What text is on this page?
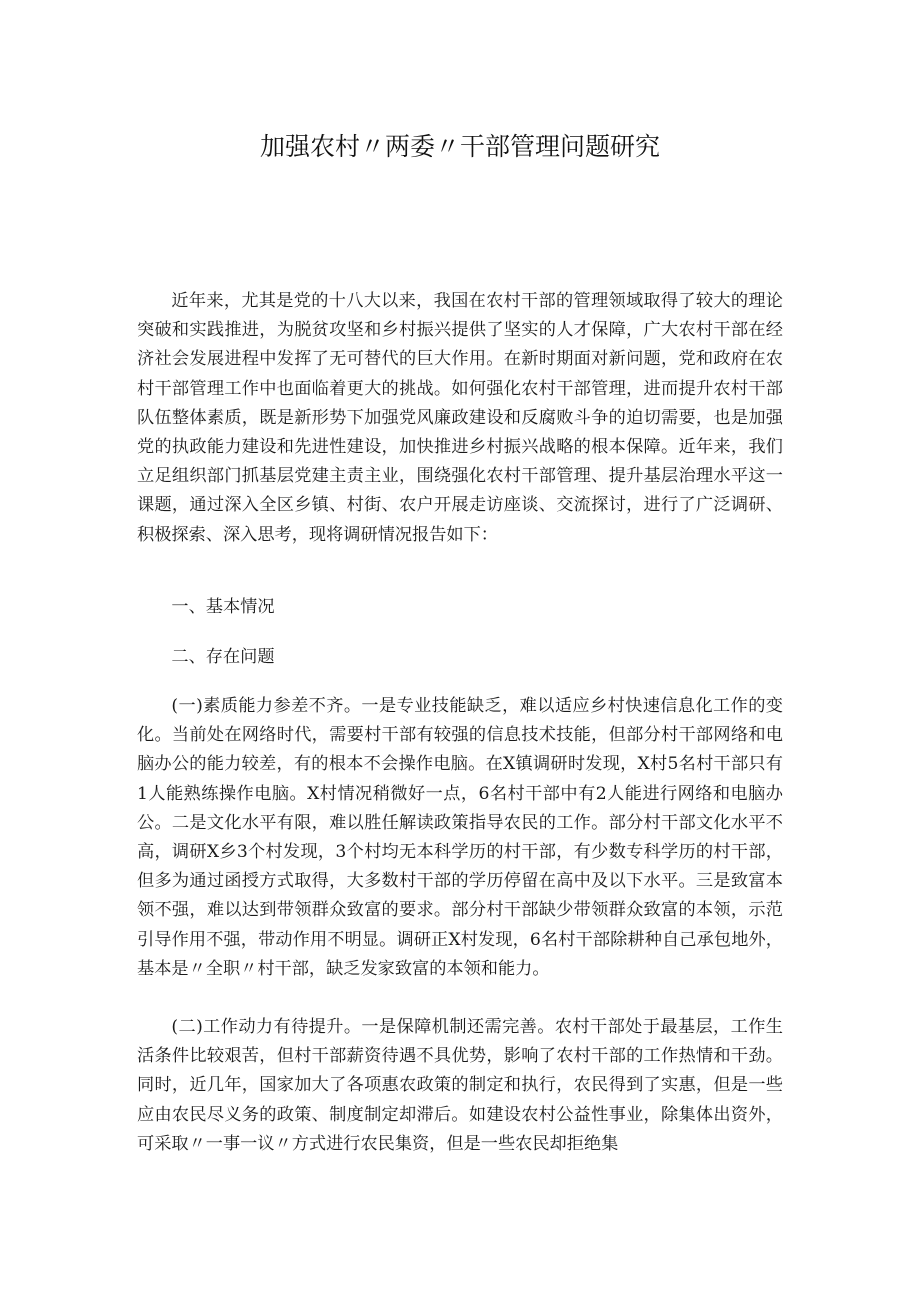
加强农村〃两委〃干部管理问题研究

近年来，尤其是党的十八大以来，我国在农村干部的管理领域取得了较大的理论突破和实践推进，为脱贫攻坚和乡村振兴提供了坚实的人才保障，广大农村干部在经济社会发展进程中发挥了无可替代的巨大作用。在新时期面对新问题，党和政府在农村干部管理工作中也面临着更大的挑战。如何强化农村干部管理，进而提升农村干部队伍整体素质，既是新形势下加强党风廉政建设和反腐败斗争的迫切需要，也是加强党的执政能力建设和先进性建设，加快推进乡村振兴战略的根本保障。近年来，我们立足组织部门抓基层党建主责主业，围绕强化农村干部管理、提升基层治理水平这一课题，通过深入全区乡镇、村街、农户开展走访座谈、交流探讨，进行了广泛调研、积极探索、深入思考，现将调研情况报告如下：

一、基本情况

二、存在问题

(一)素质能力参差不齐。一是专业技能缺乏，难以适应乡村快速信息化工作的变化。当前处在网络时代，需要村干部有较强的信息技术技能，但部分村干部网络和电脑办公的能力较差，有的根本不会操作电脑。在X镇调研时发现，X村5名村干部只有1人能熟练操作电脑。X村情况稍微好一点，6名村干部中有2人能进行网络和电脑办公。二是文化水平有限，难以胜任解读政策指导农民的工作。部分村干部文化水平不高，调研X乡3个村发现，3个村均无本科学历的村干部，有少数专科学历的村干部，但多为通过函授方式取得，大多数村干部的学历停留在高中及以下水平。三是致富本领不强，难以达到带领群众致富的要求。部分村干部缺少带领群众致富的本领，示范引导作用不强，带动作用不明显。调研正X村发现，6名村干部除耕种自己承包地外，基本是〃全职〃村干部，缺乏发家致富的本领和能力。

(二)工作动力有待提升。一是保障机制还需完善。农村干部处于最基层，工作生活条件比较艰苦，但村干部薪资待遇不具优势，影响了农村干部的工作热情和干劲。同时，近几年，国家加大了各项惠农政策的制定和执行，农民得到了实惠，但是一些应由农民尽义务的政策、制度制定却滞后。如建设农村公益性事业，除集体出资外，可采取〃一事一议〃方式进行农民集资，但是一些农民却拒绝集
